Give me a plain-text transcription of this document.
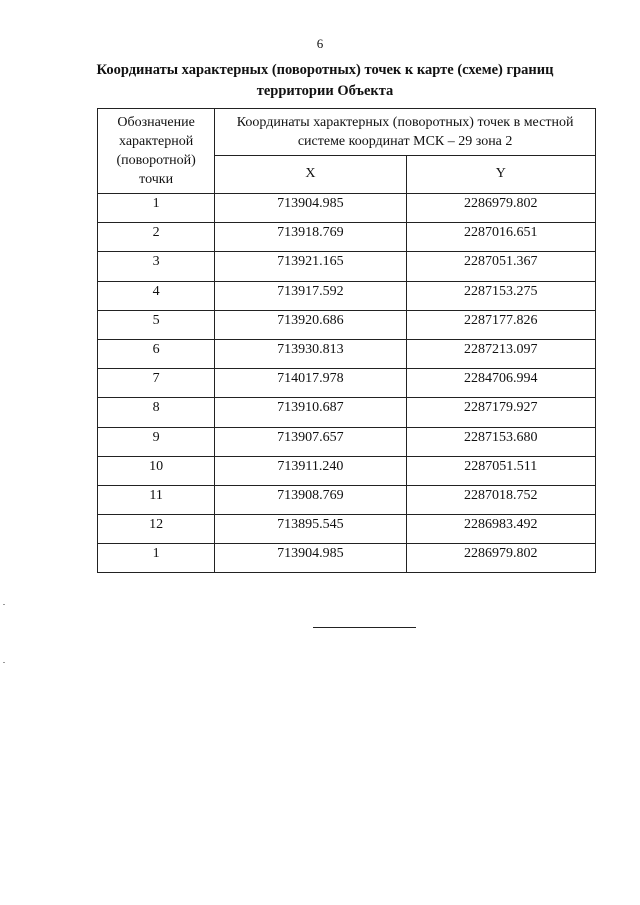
6
Координаты характерных (поворотных) точек к карте (схеме) границ территории Объекта
Обозначение характерной (поворотной) точки	Координаты характерных (поворотных) точек в местной системе координат МСК – 29 зона 2	
	X	Y
1	713904.985	2286979.802
2	713918.769	2287016.651
3	713921.165	2287051.367
4	713917.592	2287153.275
5	713920.686	2287177.826
6	713930.813	2287213.097
7	714017.978	2284706.994
8	713910.687	2287179.927
9	713907.657	2287153.680
10	713911.240	2287051.511
11	713908.769	2287018.752
12	713895.545	2286983.492
1	713904.985	2286979.802
